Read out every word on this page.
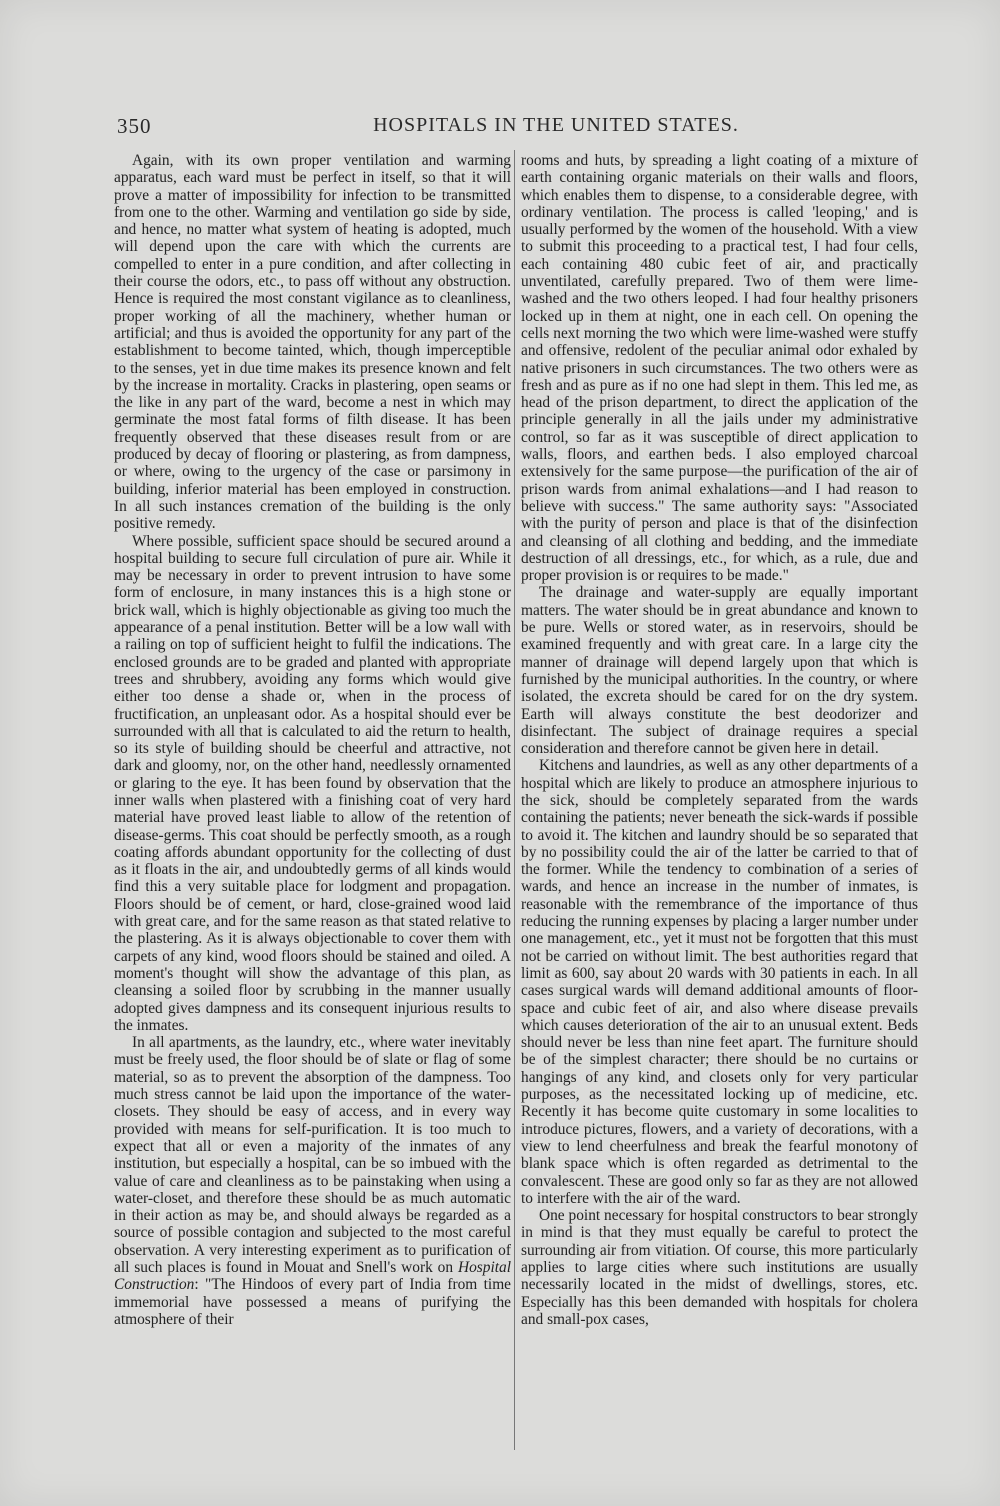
350	HOSPITALS IN THE UNITED STATES.

Again, with its own proper ventilation and warming apparatus, each ward must be perfect in itself, so that it will prove a matter of impossibility for infection to be transmitted from one to the other. Warming and ventilation go side by side, and hence, no matter what system of heating is adopted, much will depend upon the care with which the currents are compelled to enter in a pure condition, and after collecting in their course the odors, etc., to pass off without any obstruction. Hence is required the most constant vigilance as to cleanliness, proper working of all the machinery, whether human or artificial; and thus is avoided the opportunity for any part of the establishment to become tainted, which, though imperceptible to the senses, yet in due time makes its presence known and felt by the increase in mortality. Cracks in plastering, open seams or the like in any part of the ward, become a nest in which may germinate the most fatal forms of filth disease. It has been frequently observed that these diseases result from or are produced by decay of flooring or plastering, as from dampness, or where, owing to the urgency of the case or parsimony in building, inferior material has been employed in construction. In all such instances cremation of the building is the only positive remedy.

Where possible, sufficient space should be secured around a hospital building to secure full circulation of pure air. While it may be necessary in order to prevent intrusion to have some form of enclosure, in many instances this is a high stone or brick wall, which is highly objectionable as giving too much the appearance of a penal institution. Better will be a low wall with a railing on top of sufficient height to fulfil the indications. The enclosed grounds are to be graded and planted with appropriate trees and shrubbery, avoiding any forms which would give either too dense a shade or, when in the process of fructification, an unpleasant odor. As a hospital should ever be surrounded with all that is calculated to aid the return to health, so its style of building should be cheerful and attractive, not dark and gloomy, nor, on the other hand, needlessly ornamented or glaring to the eye. It has been found by observation that the inner walls when plastered with a finishing coat of very hard material have proved least liable to allow of the retention of disease-germs. This coat should be perfectly smooth, as a rough coating affords abundant opportunity for the collecting of dust as it floats in the air, and undoubtedly germs of all kinds would find this a very suitable place for lodgment and propagation. Floors should be of cement, or hard, close-grained wood laid with great care, and for the same reason as that stated relative to the plastering. As it is always objectionable to cover them with carpets of any kind, wood floors should be stained and oiled. A moment's thought will show the advantage of this plan, as cleansing a soiled floor by scrubbing in the manner usually adopted gives dampness and its consequent injurious results to the inmates.

In all apartments, as the laundry, etc., where water inevitably must be freely used, the floor should be of slate or flag of some material, so as to prevent the absorption of the dampness. Too much stress cannot be laid upon the importance of the water-closets. They should be easy of access, and in every way provided with means for self-purification. It is too much to expect that all or even a majority of the inmates of any institution, but especially a hospital, can be so imbued with the value of care and cleanliness as to be painstaking when using a water-closet, and therefore these should be as much automatic in their action as may be, and should always be regarded as a source of possible contagion and subjected to the most careful observation. A very interesting experiment as to purification of all such places is found in Mouat and Snell's work on Hospital Construction: "The Hindoos of every part of India from time immemorial have possessed a means of purifying the atmosphere of their

rooms and huts, by spreading a light coating of a mixture of earth containing organic materials on their walls and floors, which enables them to dispense, to a considerable degree, with ordinary ventilation. The process is called 'leoping,' and is usually performed by the women of the household. With a view to submit this proceeding to a practical test, I had four cells, each containing 480 cubic feet of air, and practically unventilated, carefully prepared. Two of them were lime-washed and the two others leoped. I had four healthy prisoners locked up in them at night, one in each cell. On opening the cells next morning the two which were lime-washed were stuffy and offensive, redolent of the peculiar animal odor exhaled by native prisoners in such circumstances. The two others were as fresh and as pure as if no one had slept in them. This led me, as head of the prison department, to direct the application of the principle generally in all the jails under my administrative control, so far as it was susceptible of direct application to walls, floors, and earthen beds. I also employed charcoal extensively for the same purpose—the purification of the air of prison wards from animal exhalations—and I had reason to believe with success." The same authority says: "Associated with the purity of person and place is that of the disinfection and cleansing of all clothing and bedding, and the immediate destruction of all dressings, etc., for which, as a rule, due and proper provision is or requires to be made."

The drainage and water-supply are equally important matters. The water should be in great abundance and known to be pure. Wells or stored water, as in reservoirs, should be examined frequently and with great care. In a large city the manner of drainage will depend largely upon that which is furnished by the municipal authorities. In the country, or where isolated, the excreta should be cared for on the dry system. Earth will always constitute the best deodorizer and disinfectant. The subject of drainage requires a special consideration and therefore cannot be given here in detail.

Kitchens and laundries, as well as any other departments of a hospital which are likely to produce an atmosphere injurious to the sick, should be completely separated from the wards containing the patients; never beneath the sick-wards if possible to avoid it. The kitchen and laundry should be so separated that by no possibility could the air of the latter be carried to that of the former. While the tendency to combination of a series of wards, and hence an increase in the number of inmates, is reasonable with the remembrance of the importance of thus reducing the running expenses by placing a larger number under one management, etc., yet it must not be forgotten that this must not be carried on without limit. The best authorities regard that limit as 600, say about 20 wards with 30 patients in each. In all cases surgical wards will demand additional amounts of floor-space and cubic feet of air, and also where disease prevails which causes deterioration of the air to an unusual extent. Beds should never be less than nine feet apart. The furniture should be of the simplest character; there should be no curtains or hangings of any kind, and closets only for very particular purposes, as the necessitated locking up of medicine, etc. Recently it has become quite customary in some localities to introduce pictures, flowers, and a variety of decorations, with a view to lend cheerfulness and break the fearful monotony of blank space which is often regarded as detrimental to the convalescent. These are good only so far as they are not allowed to interfere with the air of the ward.

One point necessary for hospital constructors to bear strongly in mind is that they must equally be careful to protect the surrounding air from vitiation. Of course, this more particularly applies to large cities where such institutions are usually necessarily located in the midst of dwellings, stores, etc. Especially has this been demanded with hospitals for cholera and small-pox cases,
